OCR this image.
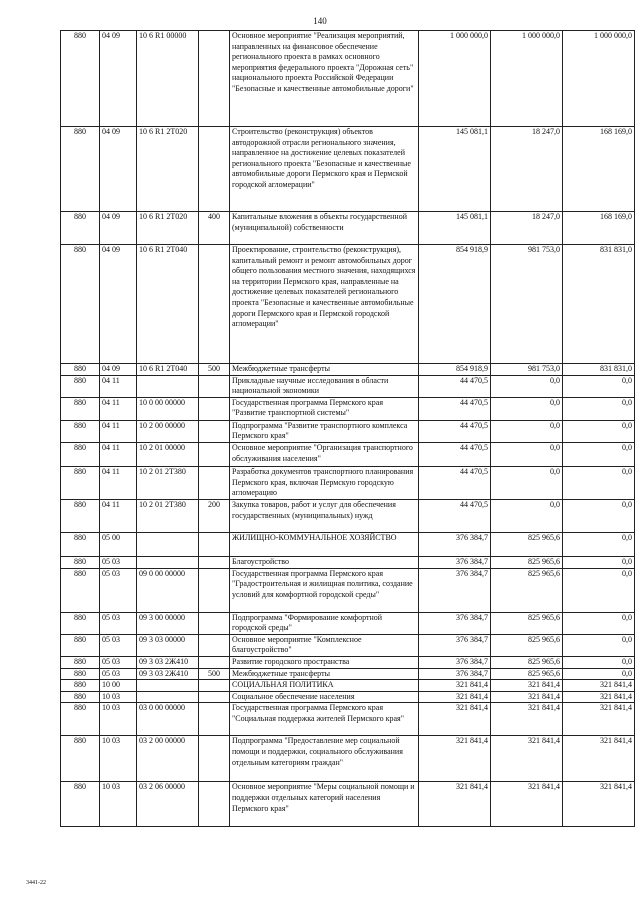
140
880	04 09	10 6 R1 00000		Основное мероприятие "Реализация мероприятий, направленных на финансовое обеспечение регионального проекта в рамках основного мероприятия федерального проекта "Дорожная сеть" национального проекта Российской Федерации "Безопасные и качественные автомобильные дороги"	1 000 000,0	1 000 000,0	1 000 000,0
880	04 09	10 6 R1 2Т020		Строительство (реконструкция) объектов автодорожной отрасли регионального значения, направленное на достижение целевых показателей регионального проекта "Безопасные и качественные автомобильные дороги Пермского края и Пермской городской агломерации"	145 081,1	18 247,0	168 169,0
880	04 09	10 6 R1 2Т020	400	Капитальные вложения в объекты государственной (муниципальной) собственности	145 081,1	18 247,0	168 169,0
880	04 09	10 6 R1 2Т040		Проектирование, строительство (реконструкция), капитальный ремонт и ремонт автомобильных дорог общего пользования местного значения, находящихся на территории Пермского края, направленные на достижение целевых показателей регионального проекта "Безопасные и качественные автомобильные дороги Пермского края и Пермской городской агломерации"	854 918,9	981 753,0	831 831,0
880	04 09	10 6 R1 2Т040	500	Межбюджетные трансферты	854 918,9	981 753,0	831 831,0
880	04 11			Прикладные научные исследования в области национальной экономики	44 470,5	0,0	0,0
880	04 11	10 0 00 00000		Государственная программа Пермского края "Развитие транспортной системы"	44 470,5	0,0	0,0
880	04 11	10 2 00 00000		Подпрограмма "Развитие транспортного комплекса Пермского края"	44 470,5	0,0	0,0
880	04 11	10 2 01 00000		Основное мероприятие "Организация транспортного обслуживания населения"	44 470,5	0,0	0,0
880	04 11	10 2 01 2Т380		Разработка документов транспортного планирования Пермского края, включая Пермскую городскую агломерацию	44 470,5	0,0	0,0
880	04 11	10 2 01 2Т380	200	Закупка товаров, работ и услуг для обеспечения государственных (муниципальных) нужд	44 470,5	0,0	0,0
880	05 00			ЖИЛИЩНО-КОММУНАЛЬНОЕ ХОЗЯЙСТВО	376 384,7	825 965,6	0,0
880	05 03			Благоустройство	376 384,7	825 965,6	0,0
880	05 03	09 0 00 00000		Государственная программа Пермского края "Градостроительная и жилищная политика, создание условий для комфортной городской среды"	376 384,7	825 965,6	0,0
880	05 03	09 3 00 00000		Подпрограмма "Формирование комфортной городской среды"	376 384,7	825 965,6	0,0
880	05 03	09 3 03 00000		Основное мероприятие "Комплексное благоустройство"	376 384,7	825 965,6	0,0
880	05 03	09 3 03 2Ж410		Развитие городского пространства	376 384,7	825 965,6	0,0
880	05 03	09 3 03 2Ж410	500	Межбюджетные трансферты	376 384,7	825 965,6	0,0
880	10 00			СОЦИАЛЬНАЯ ПОЛИТИКА	321 841,4	321 841,4	321 841,4
880	10 03			Социальное обеспечение населения	321 841,4	321 841,4	321 841,4
880	10 03	03 0 00 00000		Государственная программа Пермского края "Социальная поддержка жителей Пермского края"	321 841,4	321 841,4	321 841,4
880	10 03	03 2 00 00000		Подпрограмма "Предоставление мер социальной помощи и поддержки, социального обслуживания отдельным категориям граждан"	321 841,4	321 841,4	321 841,4
880	10 03	03 2 06 00000		Основное мероприятие "Меры социальной помощи и поддержки отдельных категорий населения Пермского края"	321 841,4	321 841,4	321 841,4
3441-22
